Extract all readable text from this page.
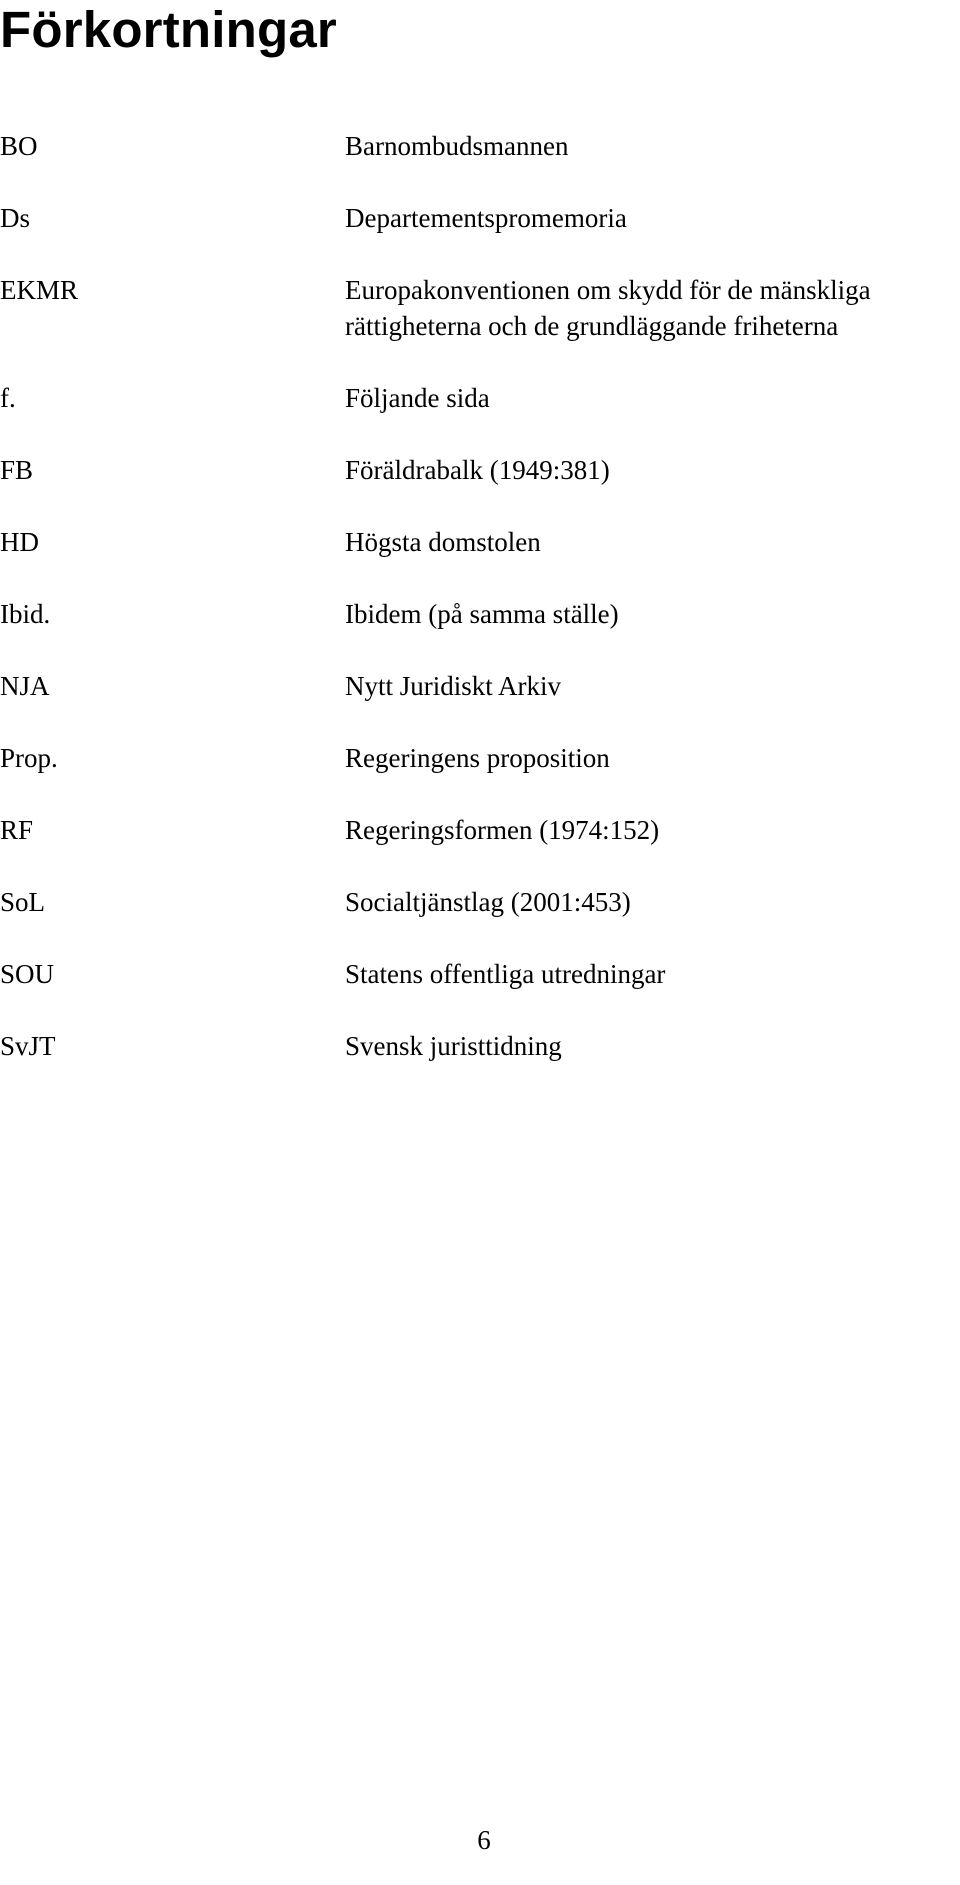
Förkortningar
BO	Barnombudsmannen
Ds	Departementspromemoria
EKMR	Europakonventionen om skydd för de mänskliga rättigheterna och de grundläggande friheterna
f.	Följande sida
FB	Föräldrabalk (1949:381)
HD	Högsta domstolen
Ibid.	Ibidem (på samma ställe)
NJA	Nytt Juridiskt Arkiv
Prop.	Regeringens proposition
RF	Regeringsformen (1974:152)
SoL	Socialtjänstlag (2001:453)
SOU	Statens offentliga utredningar
SvJT	Svensk juristtidning
6
